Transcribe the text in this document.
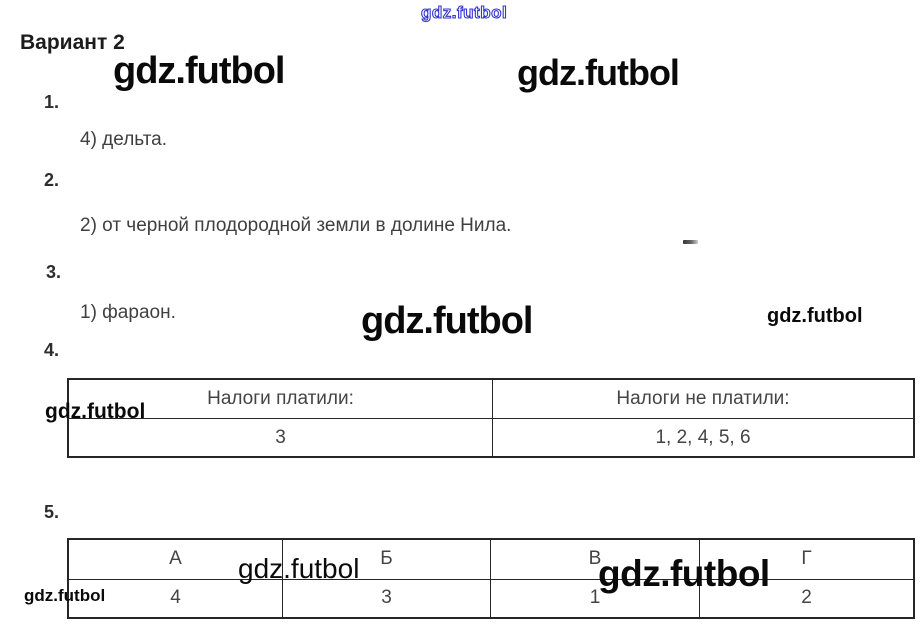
gdz.futbol
Вариант 2
gdz.futbol	gdz.futbol
1.
4) дельта.
2.
2) от черной плодородной земли в долине Нила.
3.
1) фараон.	gdz.futbol	gdz.futbol
4.
Налоги платили:	Налоги не платили:
3	1, 2, 4, 5, 6
gdz.futbol
5.
А	Б	В	Г
4	3	1	2
gdz.futbol	gdz.futbol
gdz.futbol
